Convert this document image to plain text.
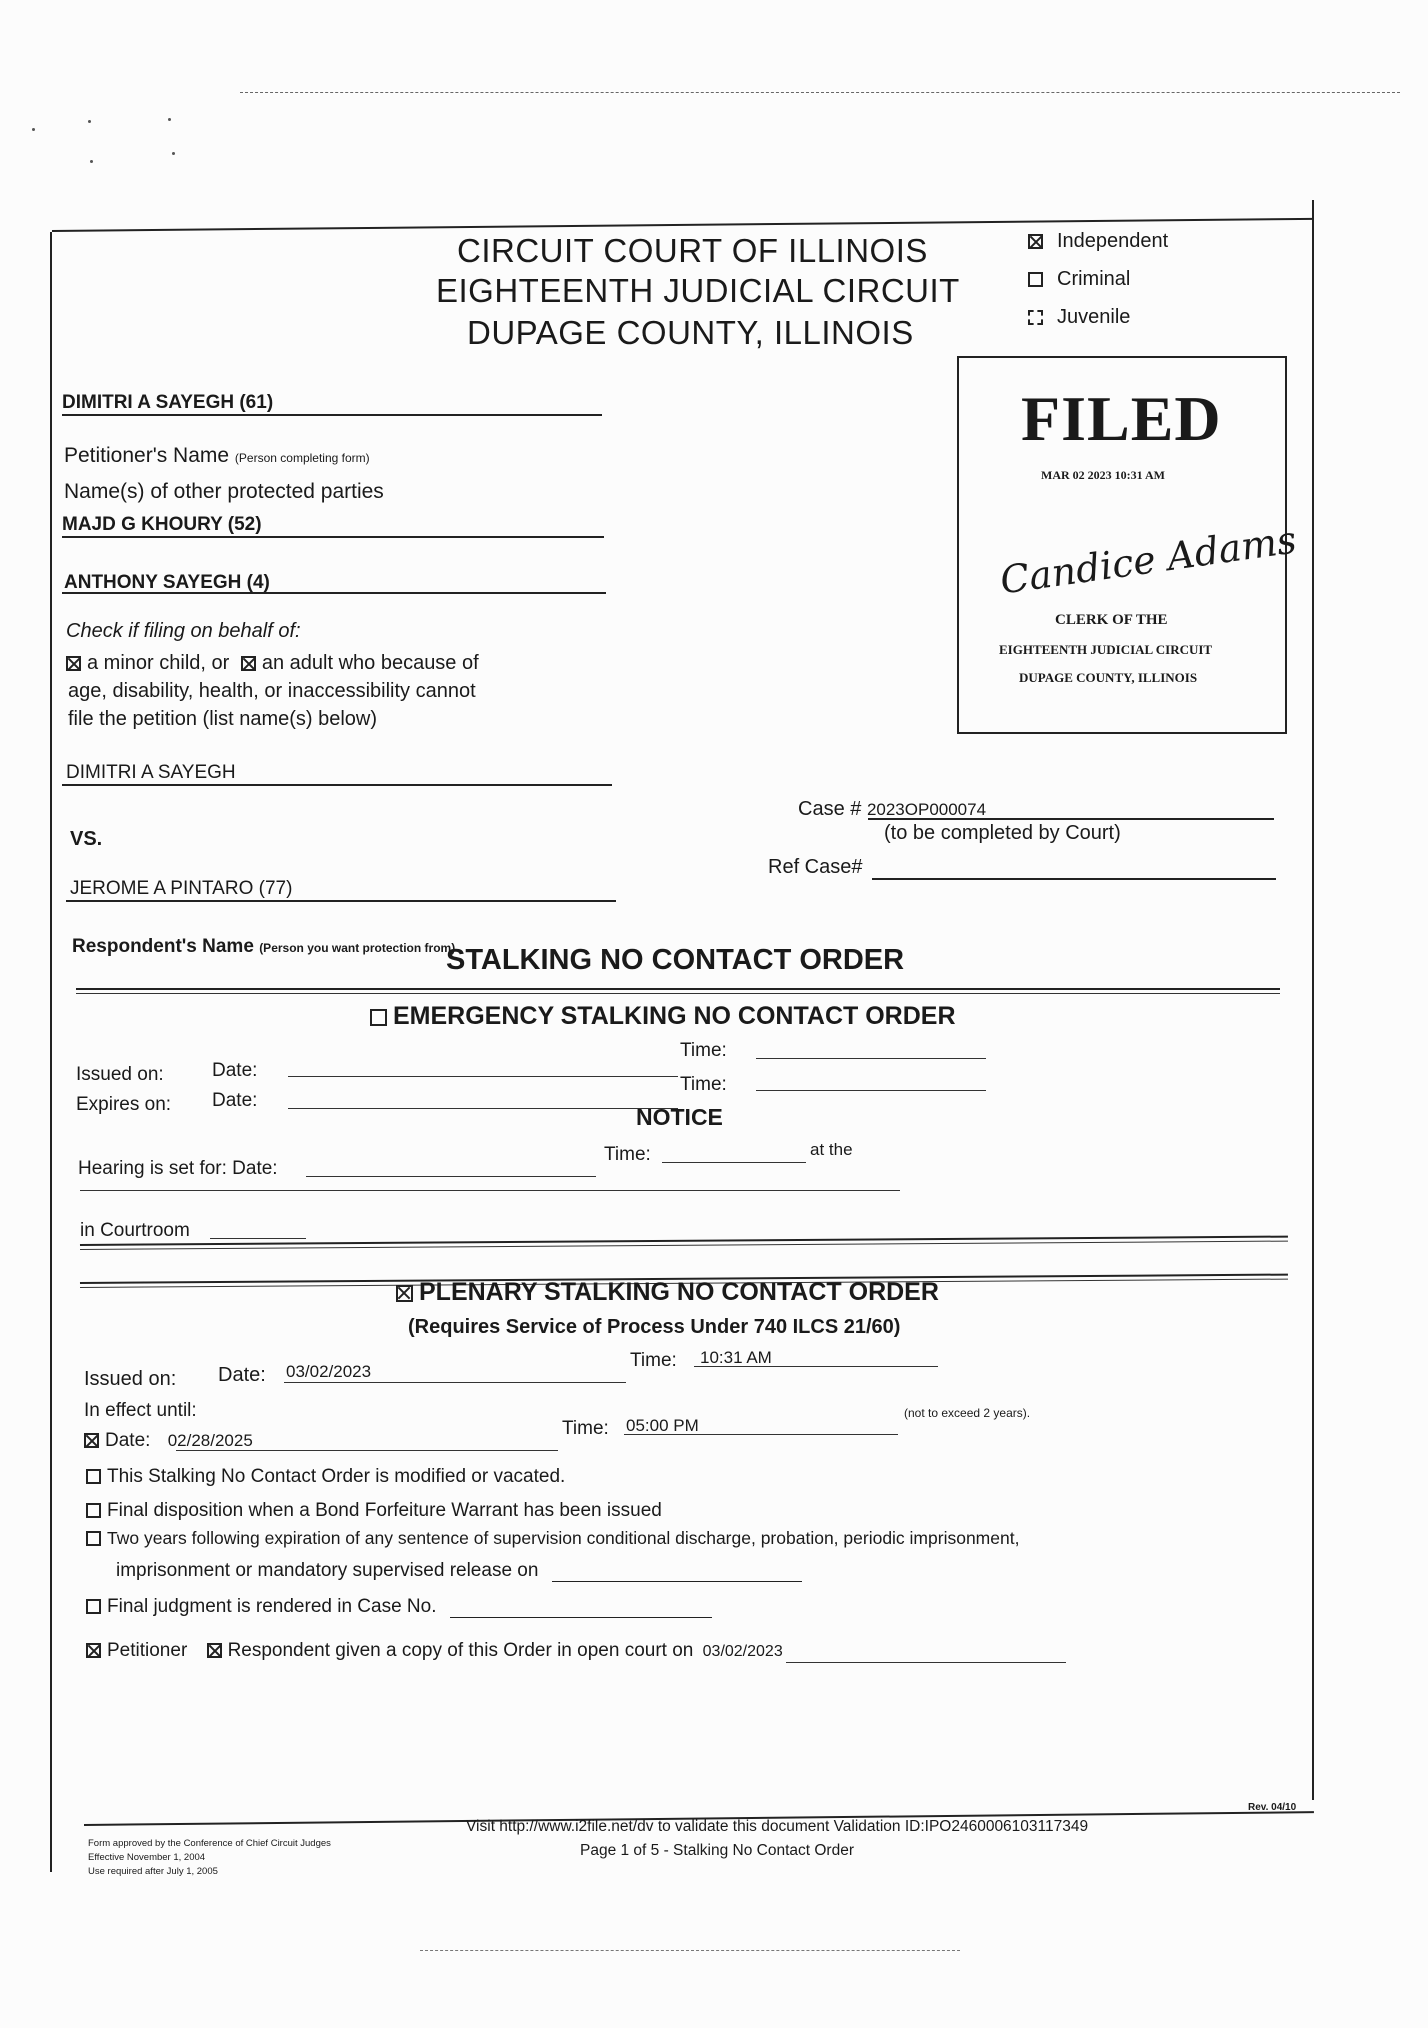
CIRCUIT COURT OF ILLINOIS
EIGHTEENTH JUDICIAL CIRCUIT
DUPAGE COUNTY, ILLINOIS
Independent
Criminal
Juvenile
FILED
MAR 02 2023 10:31 AM
Candice Adams
CLERK OF THE
EIGHTEENTH JUDICIAL CIRCUIT
DUPAGE COUNTY, ILLINOIS
DIMITRI A SAYEGH (61)
Petitioner's Name (Person completing form)
Name(s) of other protected parties
MAJD G KHOURY (52)
ANTHONY SAYEGH (4)
Check if filing on behalf of:
a minor child, or an adult who because of
age, disability, health, or inaccessibility cannot
file the petition (list name(s) below)
DIMITRI A SAYEGH
VS.
Case # 2023OP000074
(to be completed by Court)
Ref Case#
JEROME A PINTARO (77)
Respondent's Name (Person you want protection from)
STALKING NO CONTACT ORDER
EMERGENCY STALKING NO CONTACT ORDER
Time:
Issued on:	Date:
Time:
Expires on: Date:
NOTICE
Hearing is set for: Date:
Time:	at the
in Courtroom
PLENARY STALKING NO CONTACT ORDER
(Requires Service of Process Under 740 ILCS 21/60)
Issued on: Date: 03/02/2023
Time: 10:31 AM
In effect until:
Date: 02/28/2025
Time: 05:00 PM
(not to exceed 2 years).
This Stalking No Contact Order is modified or vacated.
Final disposition when a Bond Forfeiture Warrant has been issued
Two years following expiration of any sentence of supervision conditional discharge, probation, periodic imprisonment,
imprisonment or mandatory supervised release on
Final judgment is rendered in Case No.
Petitioner Respondent given a copy of this Order in open court on 03/02/2023
Form approved by the Conference of Chief Circuit Judges
Effective November 1, 2004
Use required after July 1, 2005
Visit http://www.i2file.net/dv to validate this document Validation ID:IPO2460006103117349
Page 1 of 5 - Stalking No Contact Order
Rev. 04/10
